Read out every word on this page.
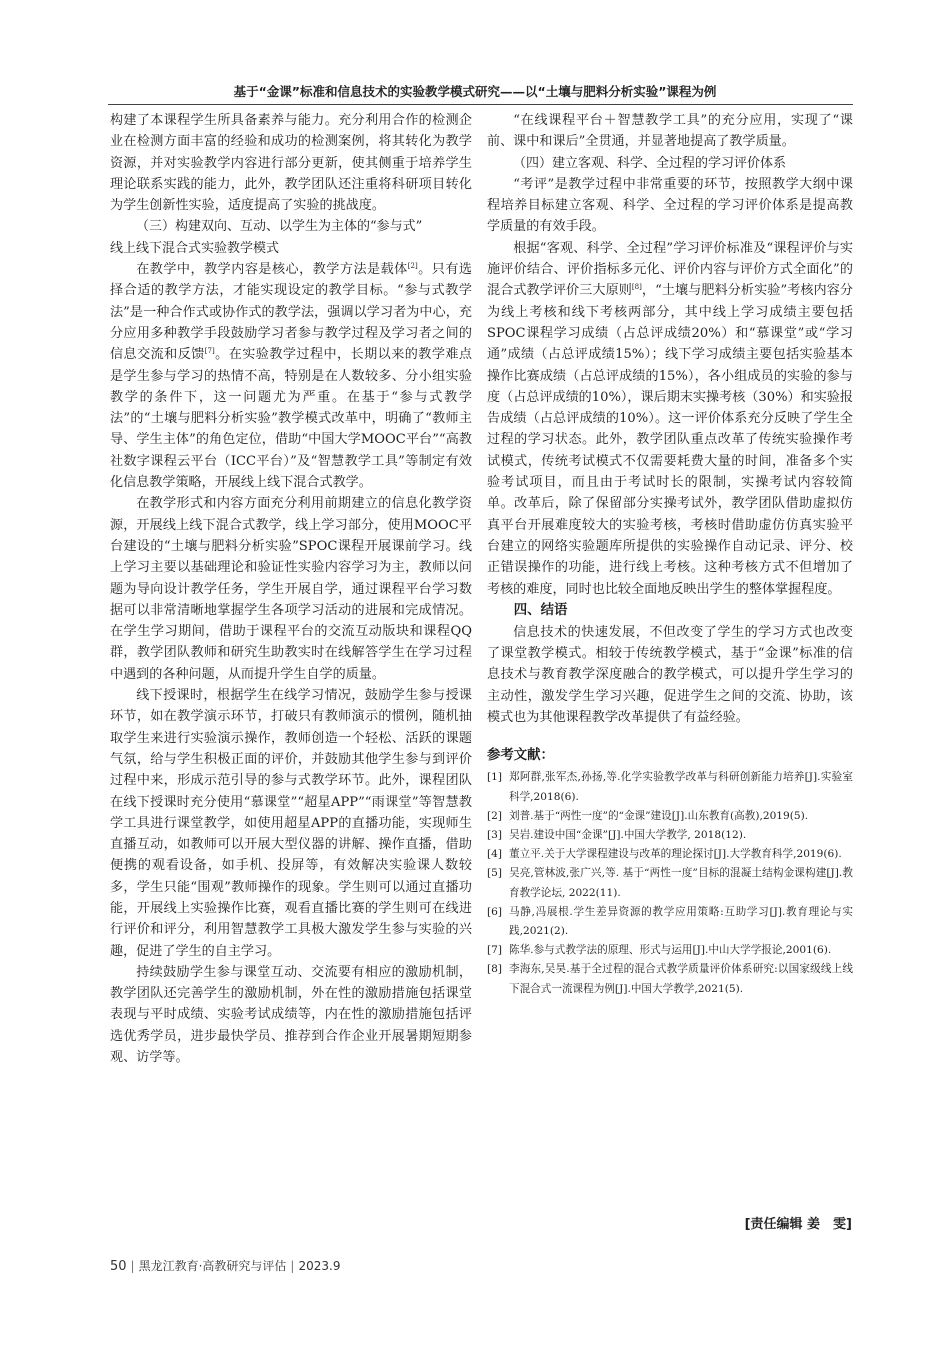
基于“金课”标准和信息技术的实验教学模式研究——以“土壤与肥料分析实验”课程为例

构建了本课程学生所具备素养与能力。充分利用合作的检测企业在检测方面丰富的经验和成功的检测案例，将其转化为教学资源，并对实验教学内容进行部分更新，使其侧重于培养学生理论联系实践的能力，此外，教学团队还注重将科研项目转化为学生创新性实验，适度提高了实验的挑战度。

（三）构建双向、互动、以学生为主体的“参与式”
线上线下混合式实验教学模式

在教学中，教学内容是核心，教学方法是载体[2]。只有选择合适的教学方法，才能实现设定的教学目标。“参与式教学法”是一种合作式或协作式的教学法，强调以学习者为中心，充分应用多种教学手段鼓励学习者参与教学过程及学习者之间的信息交流和反馈[7]。在实验教学过程中，长期以来的教学难点是学生参与学习的热情不高，特别是在人数较多、分小组实验教学的条件下，这一问题尤为严重。在基于“参与式教学法”的“土壤与肥料分析实验”教学模式改革中，明确了“教师主导、学生主体”的角色定位，借助“中国大学MOOC平台”“高教社数字课程云平台（ICC平台）”及“智慧教学工具”等制定有效化信息教学策略，开展线上线下混合式教学。

在教学形式和内容方面充分利用前期建立的信息化教学资源，开展线上线下混合式教学，线上学习部分，使用MOOC平台建设的“土壤与肥料分析实验”SPOC课程开展课前学习。线上学习主要以基础理论和验证性实验内容学习为主，教师以问题为导向设计教学任务，学生开展自学，通过课程平台学习数据可以非常清晰地掌握学生各项学习活动的进展和完成情况。在学生学习期间，借助于课程平台的交流互动版块和课程QQ群，教学团队教师和研究生助教实时在线解答学生在学习过程中遇到的各种问题，从而提升学生自学的质量。

线下授课时，根据学生在线学习情况，鼓励学生参与授课环节，如在教学演示环节，打破只有教师演示的惯例，随机抽取学生来进行实验演示操作，教师创造一个轻松、活跃的课题气氛，给与学生积极正面的评价，并鼓励其他学生参与到评价过程中来，形成示范引导的参与式教学环节。此外，课程团队在线下授课时充分使用“慕课堂”“超星APP”“雨课堂”等智慧教学工具进行课堂教学，如使用超星APP的直播功能，实现师生直播互动，如教师可以开展大型仪器的讲解、操作直播，借助便携的观看设备，如手机、投屏等，有效解决实验课人数较多，学生只能“围观”教师操作的现象。学生则可以通过直播功能，开展线上实验操作比赛，观看直播比赛的学生则可在线进行评价和评分，利用智慧教学工具极大激发学生参与实验的兴趣，促进了学生的自主学习。

持续鼓励学生参与课堂互动、交流要有相应的激励机制，教学团队还完善学生的激励机制，外在性的激励措施包括课堂表现与平时成绩、实验考试成绩等，内在性的激励措施包括评选优秀学员，进步最快学员、推荐到合作企业开展暑期短期参观、访学等。

“在线课程平台＋智慧教学工具”的充分应用，实现了“课前、课中和课后”全贯通，并显著地提高了教学质量。

（四）建立客观、科学、全过程的学习评价体系

“考评”是教学过程中非常重要的环节，按照教学大纲中课程培养目标建立客观、科学、全过程的学习评价体系是提高教学质量的有效手段。

根据“客观、科学、全过程”学习评价标准及“课程评价与实施评价结合、评价指标多元化、评价内容与评价方式全面化”的混合式教学评价三大原则[8]，“土壤与肥料分析实验”考核内容分为线上考核和线下考核两部分，其中线上学习成绩主要包括SPOC课程学习成绩（占总评成绩20%）和“慕课堂”或“学习通”成绩（占总评成绩15%）；线下学习成绩主要包括实验基本操作比赛成绩（占总评成绩的15%），各小组成员的实验的参与度（占总评成绩的10%），课后期末实操考核（30%）和实验报告成绩（占总评成绩的10%）。这一评价体系充分反映了学生全过程的学习状态。此外，教学团队重点改革了传统实验操作考试模式，传统考试模式不仅需要耗费大量的时间，准备多个实验考试项目，而且由于考试时长的限制，实操考试内容较简单。改革后，除了保留部分实操考试外，教学团队借助虚拟仿真平台开展难度较大的实验考核，考核时借助虚仿仿真实验平台建立的网络实验题库所提供的实验操作自动记录、评分、校正错误操作的功能，进行线上考核。这种考核方式不但增加了考核的难度，同时也比较全面地反映出学生的整体掌握程度。

四、结语

信息技术的快速发展，不但改变了学生的学习方式也改变了课堂教学模式。相较于传统教学模式，基于“金课”标准的信息技术与教育教学深度融合的教学模式，可以提升学生学习的主动性，激发学生学习兴趣，促进学生之间的交流、协助，该模式也为其他课程教学改革提供了有益经验。

参考文献：
[1] 郑阿群,张军杰,孙扬,等.化学实验教学改革与科研创新能力培养[J].实验室科学,2018(6).
[2] 刘普.基于“两性一度”的“金课”建设[J].山东教育(高教),2019(5).
[3] 吴岩.建设中国“金课”[J].中国大学教学, 2018(12).
[4] 董立平.关于大学课程建设与改革的理论探讨[J].大学教育科学,2019(6).
[5] 吴亮,管林波,张广兴,等. 基于“两性一度”目标的混凝土结构金课构建[J].教育教学论坛, 2022(11).
[6] 马静,冯展根.学生差异资源的教学应用策略:互助学习[J].教育理论与实践,2021(2).
[7] 陈华.参与式教学法的原理、形式与运用[J].中山大学学报论,2001(6).
[8] 李海东,吴昊.基于全过程的混合式教学质量评价体系研究:以国家级线上线下混合式一流课程为例[J].中国大学教学,2021(5).
[责任编辑 姜　雯]
50 | 黑龙江教育·高教研究与评估 | 2023.9
